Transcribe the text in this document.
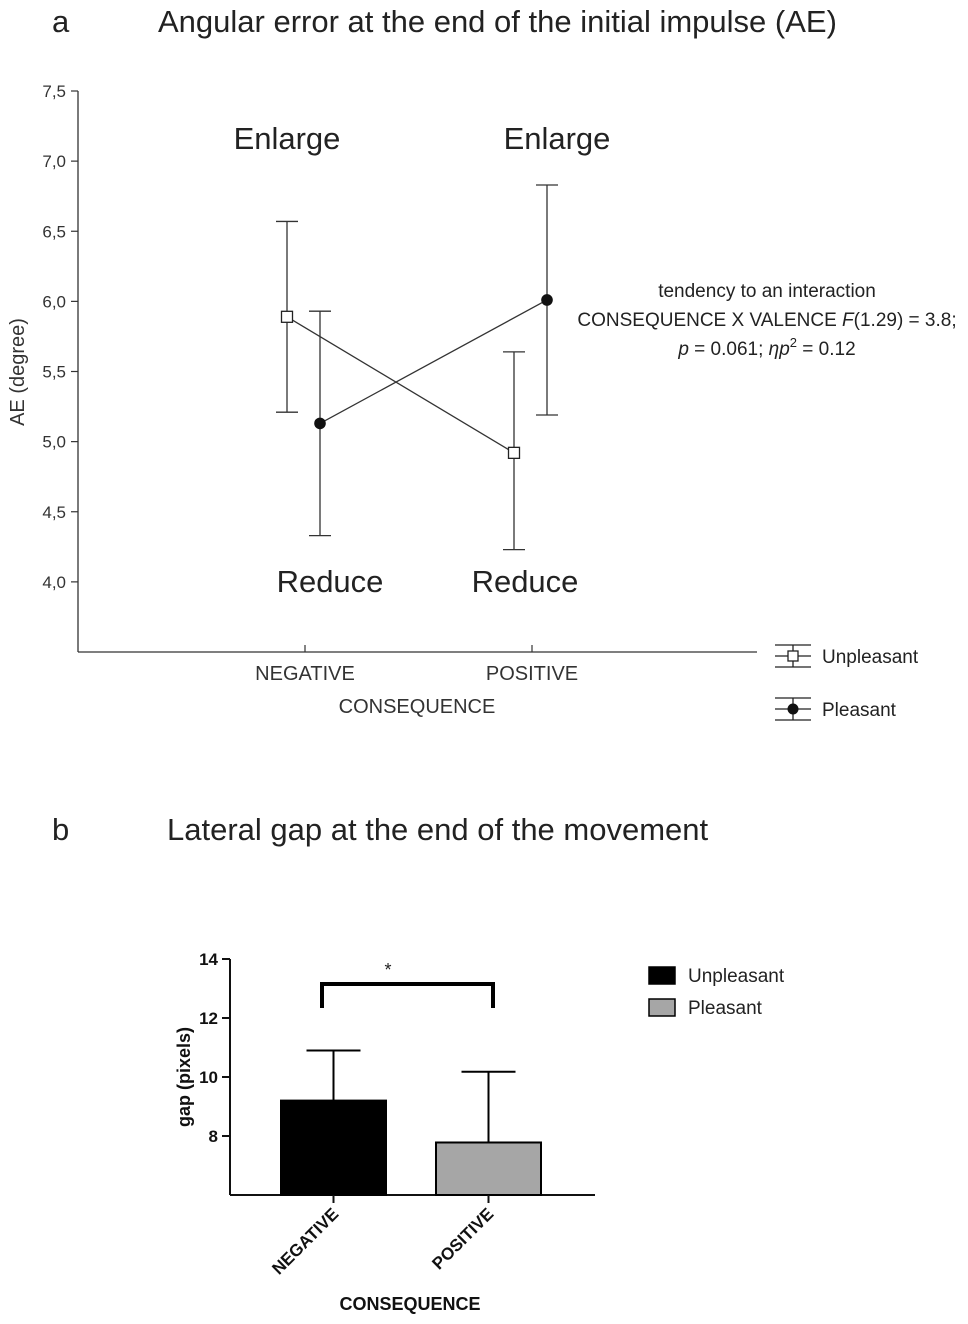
a	Angular error at the end of the initial impulse (AE)
4,0
4,5
5,0
5,5
6,0
6,5
7,0
7,5
NEGATIVE	POSITIVE
AE (degree)
CONSEQUENCE
Enlarge	Enlarge
Reduce	Reduce
tendency to an interaction
CONSEQUENCE X VALENCE F(1.29) = 3.8;
p = 0.061; $\eta p^2 = 0.12$
Unpleasant
Pleasant
b	Lateral gap at the end of the movement
8
10
12
14
NEGATIVE	POSITIVE
gap (pixels)
CONSEQUENCE
*	Unpleasant
Pleasant
